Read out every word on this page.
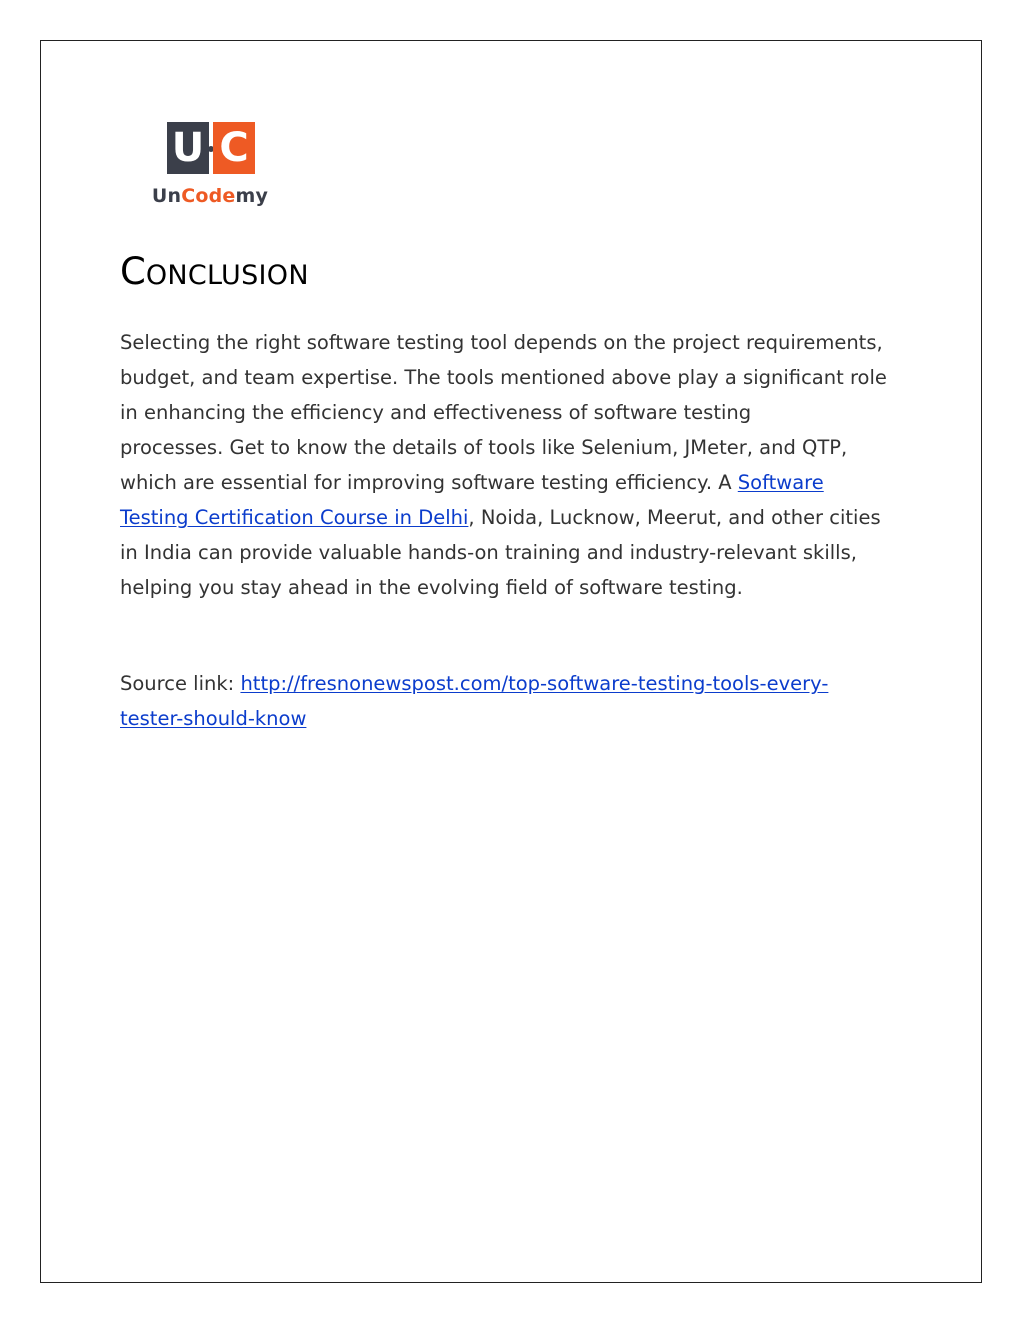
U C
UnCodemy
CONCLUSION
Selecting the right software testing tool depends on the project requirements,
budget, and team expertise. The tools mentioned above play a significant role
in enhancing the efficiency and effectiveness of software testing
processes. Get to know the details of tools like Selenium, JMeter, and QTP,
which are essential for improving software testing efficiency. A Software
Testing Certification Course in Delhi, Noida, Lucknow, Meerut, and other cities
in India can provide valuable hands-on training and industry-relevant skills,
helping you stay ahead in the evolving field of software testing.
Source link: http://fresnonewspost.com/top-software-testing-tools-every-
tester-should-know
